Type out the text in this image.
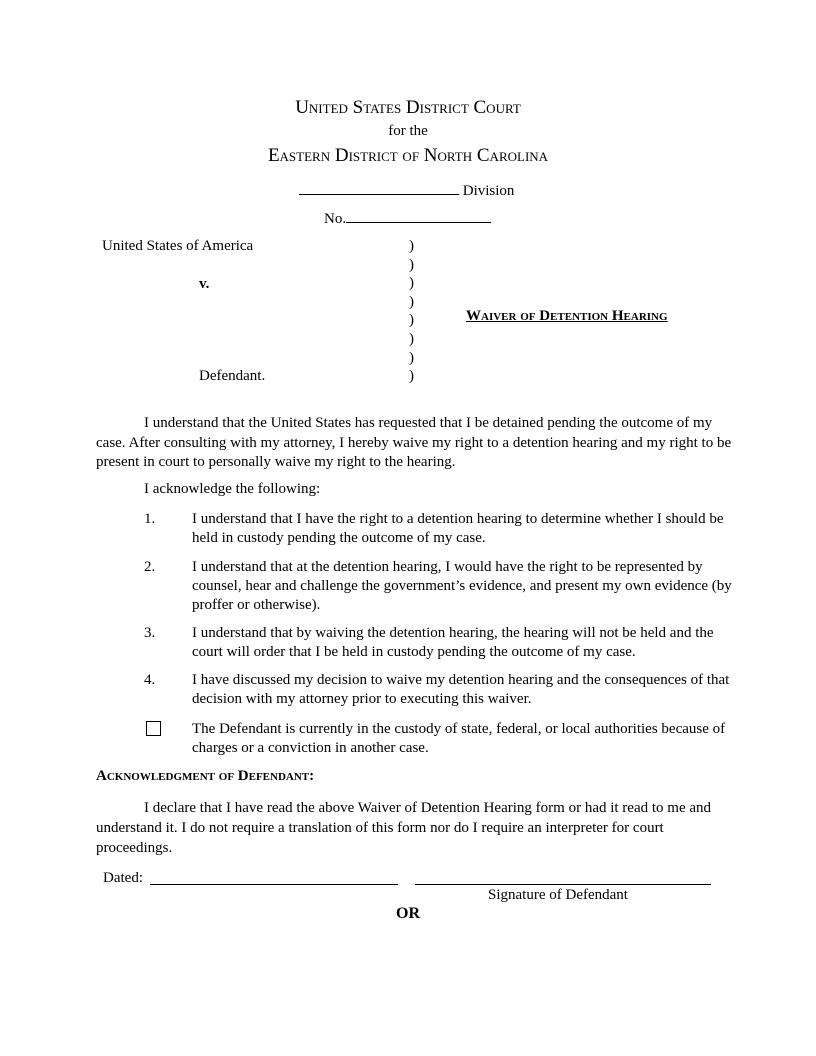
United States District Court
for the
Eastern District of North Carolina
Division
No.
United States of America
v.
Defendant.
)
)
)
)
)
)
)
)
Waiver of Detention Hearing
I understand that the United States has requested that I be detained pending the outcome of my case. After consulting with my attorney, I hereby waive my right to a detention hearing and my right to be present in court to personally waive my right to the hearing.
I acknowledge the following:
1. I understand that I have the right to a detention hearing to determine whether I should be held in custody pending the outcome of my case.
2. I understand that at the detention hearing, I would have the right to be represented by counsel, hear and challenge the government’s evidence, and present my own evidence (by proffer or otherwise).
3. I understand that by waiving the detention hearing, the hearing will not be held and the court will order that I be held in custody pending the outcome of my case.
4. I have discussed my decision to waive my detention hearing and the consequences of that decision with my attorney prior to executing this waiver.
The Defendant is currently in the custody of state, federal, or local authorities because of charges or a conviction in another case.
Acknowledgment of Defendant:
I declare that I have read the above Waiver of Detention Hearing form or had it read to me and understand it. I do not require a translation of this form nor do I require an interpreter for court proceedings.
Dated:
Signature of Defendant
OR
